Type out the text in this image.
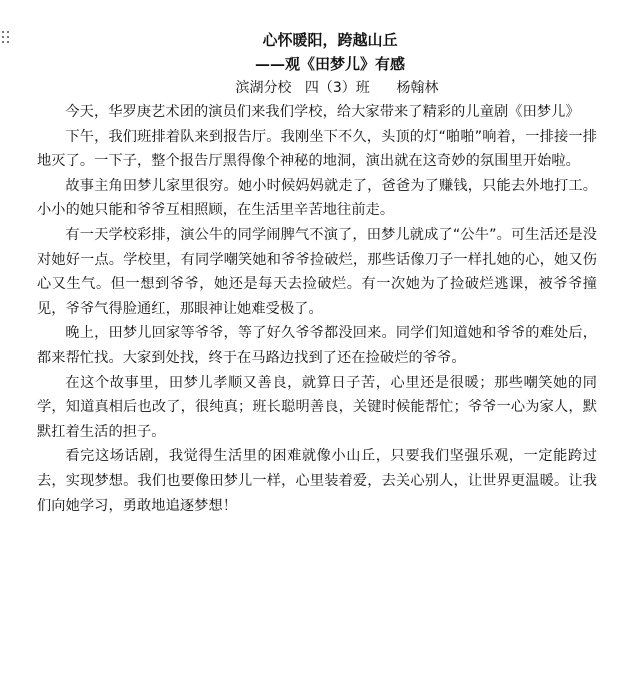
心怀暖阳，跨越山丘

——观《田梦儿》有感

滨湖分校   四（3）班      杨翰林

今天，华罗庚艺术团的演员们来我们学校，给大家带来了精彩的儿童剧《田梦儿》

下午，我们班排着队来到报告厅。我刚坐下不久，头顶的灯“啪啪”响着，一排接一排地灭了。一下子，整个报告厅黑得像个神秘的地洞，演出就在这奇妙的氛围里开始啦。

故事主角田梦儿家里很穷。她小时候妈妈就走了，爸爸为了赚钱，只能去外地打工。小小的她只能和爷爷互相照顾，在生活里辛苦地往前走。

有一天学校彩排，演公牛的同学闹脾气不演了，田梦儿就成了“公牛”。可生活还是没对她好一点。学校里，有同学嘲笑她和爷爷捡破烂，那些话像刀子一样扎她的心，她又伤心又生气。但一想到爷爷，她还是每天去捡破烂。有一次她为了捡破烂逃课，被爷爷撞见，爷爷气得脸通红，那眼神让她难受极了。

晚上，田梦儿回家等爷爷，等了好久爷爷都没回来。同学们知道她和爷爷的难处后，都来帮忙找。大家到处找，终于在马路边找到了还在捡破烂的爷爷。

在这个故事里，田梦儿孝顺又善良，就算日子苦，心里还是很暖；那些嘲笑她的同学，知道真相后也改了，很纯真；班长聪明善良，关键时候能帮忙；爷爷一心为家人，默默扛着生活的担子。

看完这场话剧，我觉得生活里的困难就像小山丘，只要我们坚强乐观，一定能跨过去，实现梦想。我们也要像田梦儿一样，心里装着爱，去关心别人，让世界更温暖。让我们向她学习，勇敢地追逐梦想！
